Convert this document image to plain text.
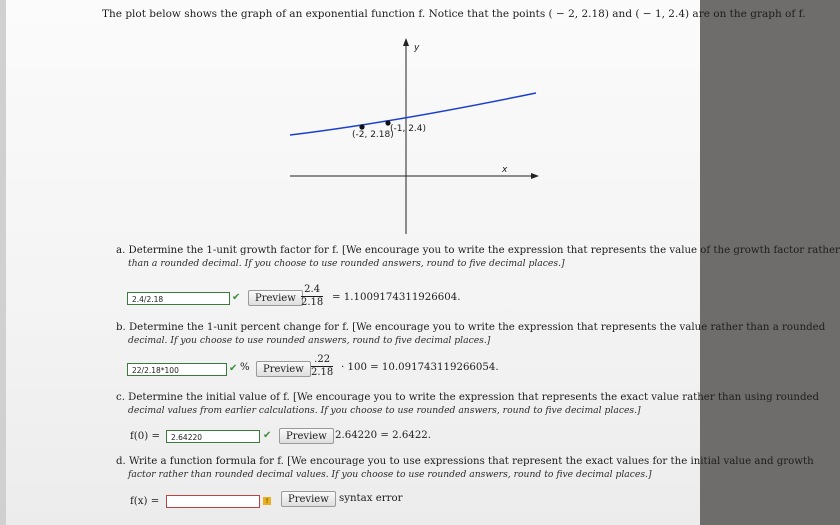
The plot below shows the graph of an exponential function f. Notice that the points ( − 2, 2.18) and ( − 1, 2.4) are on the graph of f.
y
x
(-2, 2.18)
(-1, 2.4)
a. Determine the 1-unit growth factor for f. [We encourage you to write the expression that represents the value of the growth factor rather
than a rounded decimal. If you choose to use rounded answers, round to five decimal places.]
2.4/2.18	✔	Preview $\frac{2.4}{2.18} = 1.1009174311926604$.
b. Determine the 1-unit percent change for f. [We encourage you to write the expression that represents the value rather than a rounded
decimal. If you choose to use rounded answers, round to five decimal places.]
22/2.18*100	✔ %	Preview $\frac{.22}{2.18} \cdot 100 = 10.091743119266054$.
c. Determine the initial value of f. [We encourage you to write the expression that represents the exact value rather than using rounded
decimal values from earlier calculations. If you choose to use rounded answers, round to five decimal places.]
f(0) =	2.64220	✔	Preview 2.64220 = 2.6422.
d. Write a function formula for f. [We encourage you to use expressions that represent the exact values for the initial value and growth
factor rather than rounded decimal values. If you choose to use rounded answers, round to five decimal places.]
f(x) =	!	Preview	syntax error
